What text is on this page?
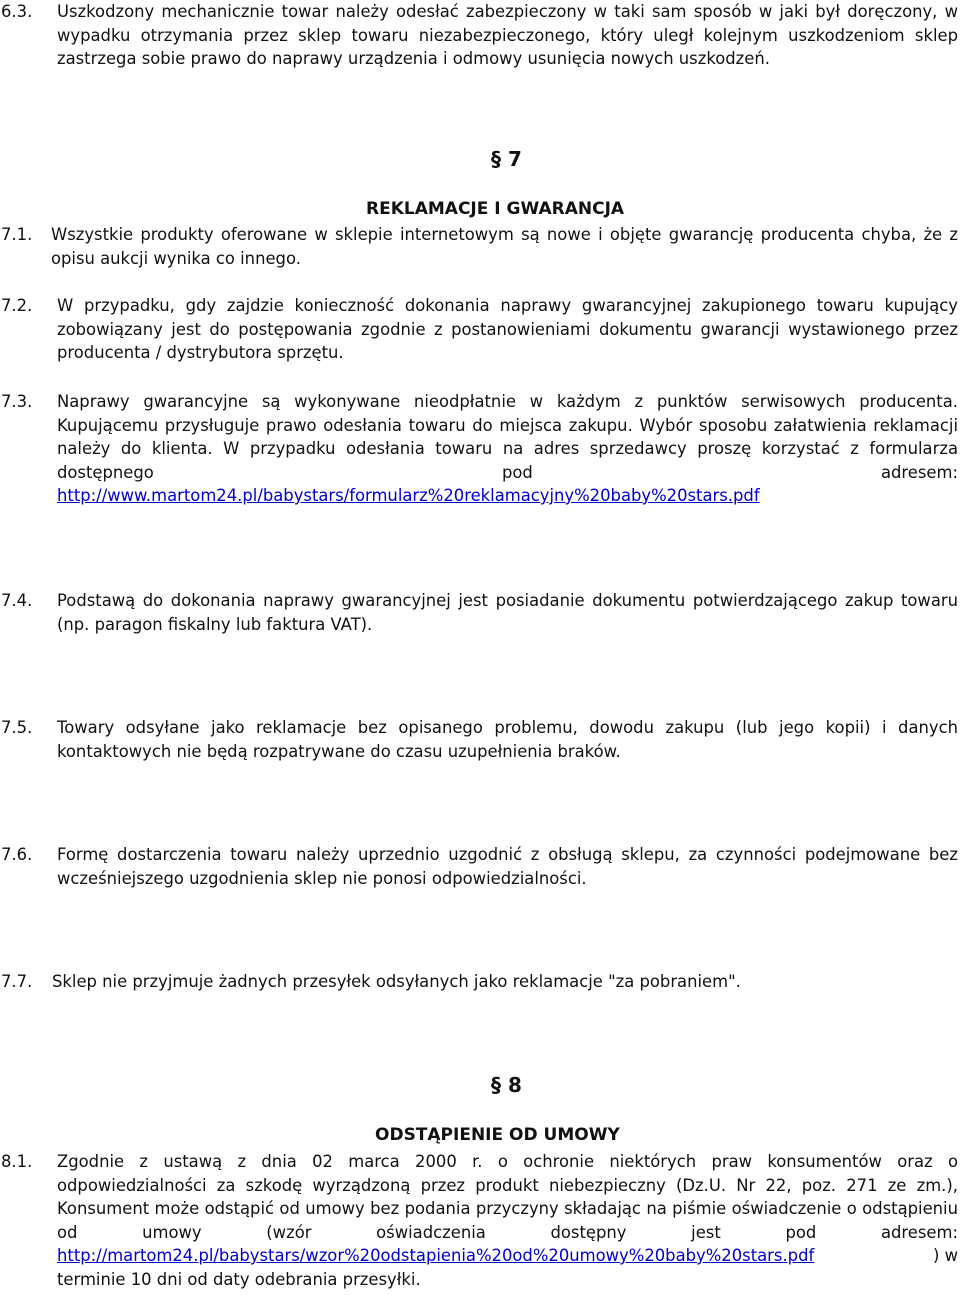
6.3. Uszkodzony mechanicznie towar należy odesłać zabezpieczony w taki sam sposób w jaki był doręczony, w wypadku otrzymania przez sklep towaru niezabezpieczonego, który uległ kolejnym uszkodzeniom sklep zastrzega sobie prawo do naprawy urządzenia i odmowy usunięcia nowych uszkodzeń.
§ 7
REKLAMACJE I GWARANCJA
7.1. Wszystkie produkty oferowane w sklepie internetowym są nowe i objęte gwarancję producenta chyba, że z opisu aukcji wynika co innego.
7.2. W przypadku, gdy zajdzie konieczność dokonania naprawy gwarancyjnej zakupionego towaru kupujący zobowiązany jest do postępowania zgodnie z postanowieniami dokumentu gwarancji wystawionego przez producenta / dystrybutora sprzętu.
7.3. Naprawy gwarancyjne są wykonywane nieodpłatnie w każdym z punktów serwisowych producenta. Kupującemu przysługuje prawo odesłania towaru do miejsca zakupu. Wybór sposobu załatwienia reklamacji należy do klienta. W przypadku odesłania towaru na adres sprzedawcy proszę korzystać z formularza dostępnego pod adresem:
http://www.martom24.pl/babystars/formularz%20reklamacyjny%20baby%20stars.pdf
7.4. Podstawą do dokonania naprawy gwarancyjnej jest posiadanie dokumentu potwierdzającego zakup towaru (np. paragon fiskalny lub faktura VAT).
7.5. Towary odsyłane jako reklamacje bez opisanego problemu, dowodu zakupu (lub jego kopii) i danych kontaktowych nie będą rozpatrywane do czasu uzupełnienia braków.
7.6. Formę dostarczenia towaru należy uprzednio uzgodnić z obsługą sklepu, za czynności podejmowane bez wcześniejszego uzgodnienia sklep nie ponosi odpowiedzialności.
7.7. Sklep nie przyjmuje żadnych przesyłek odsyłanych jako reklamacje "za pobraniem".
§ 8
ODSTĄPIENIE OD UMOWY
8.1. Zgodnie z ustawą z dnia 02 marca 2000 r. o ochronie niektórych praw konsumentów oraz o odpowiedzialności za szkodę wyrządzoną przez produkt niebezpieczny (Dz.U. Nr 22, poz. 271 ze zm.), Konsument może odstąpić od umowy bez podania przyczyny składając na piśmie oświadczenie o odstąpieniu od umowy (wzór oświadczenia dostępny jest pod adresem:
http://martom24.pl/babystars/wzor%20odstapienia%20od%20umowy%20baby%20stars.pdf	) w
terminie 10 dni od daty odebrania przesyłki.
